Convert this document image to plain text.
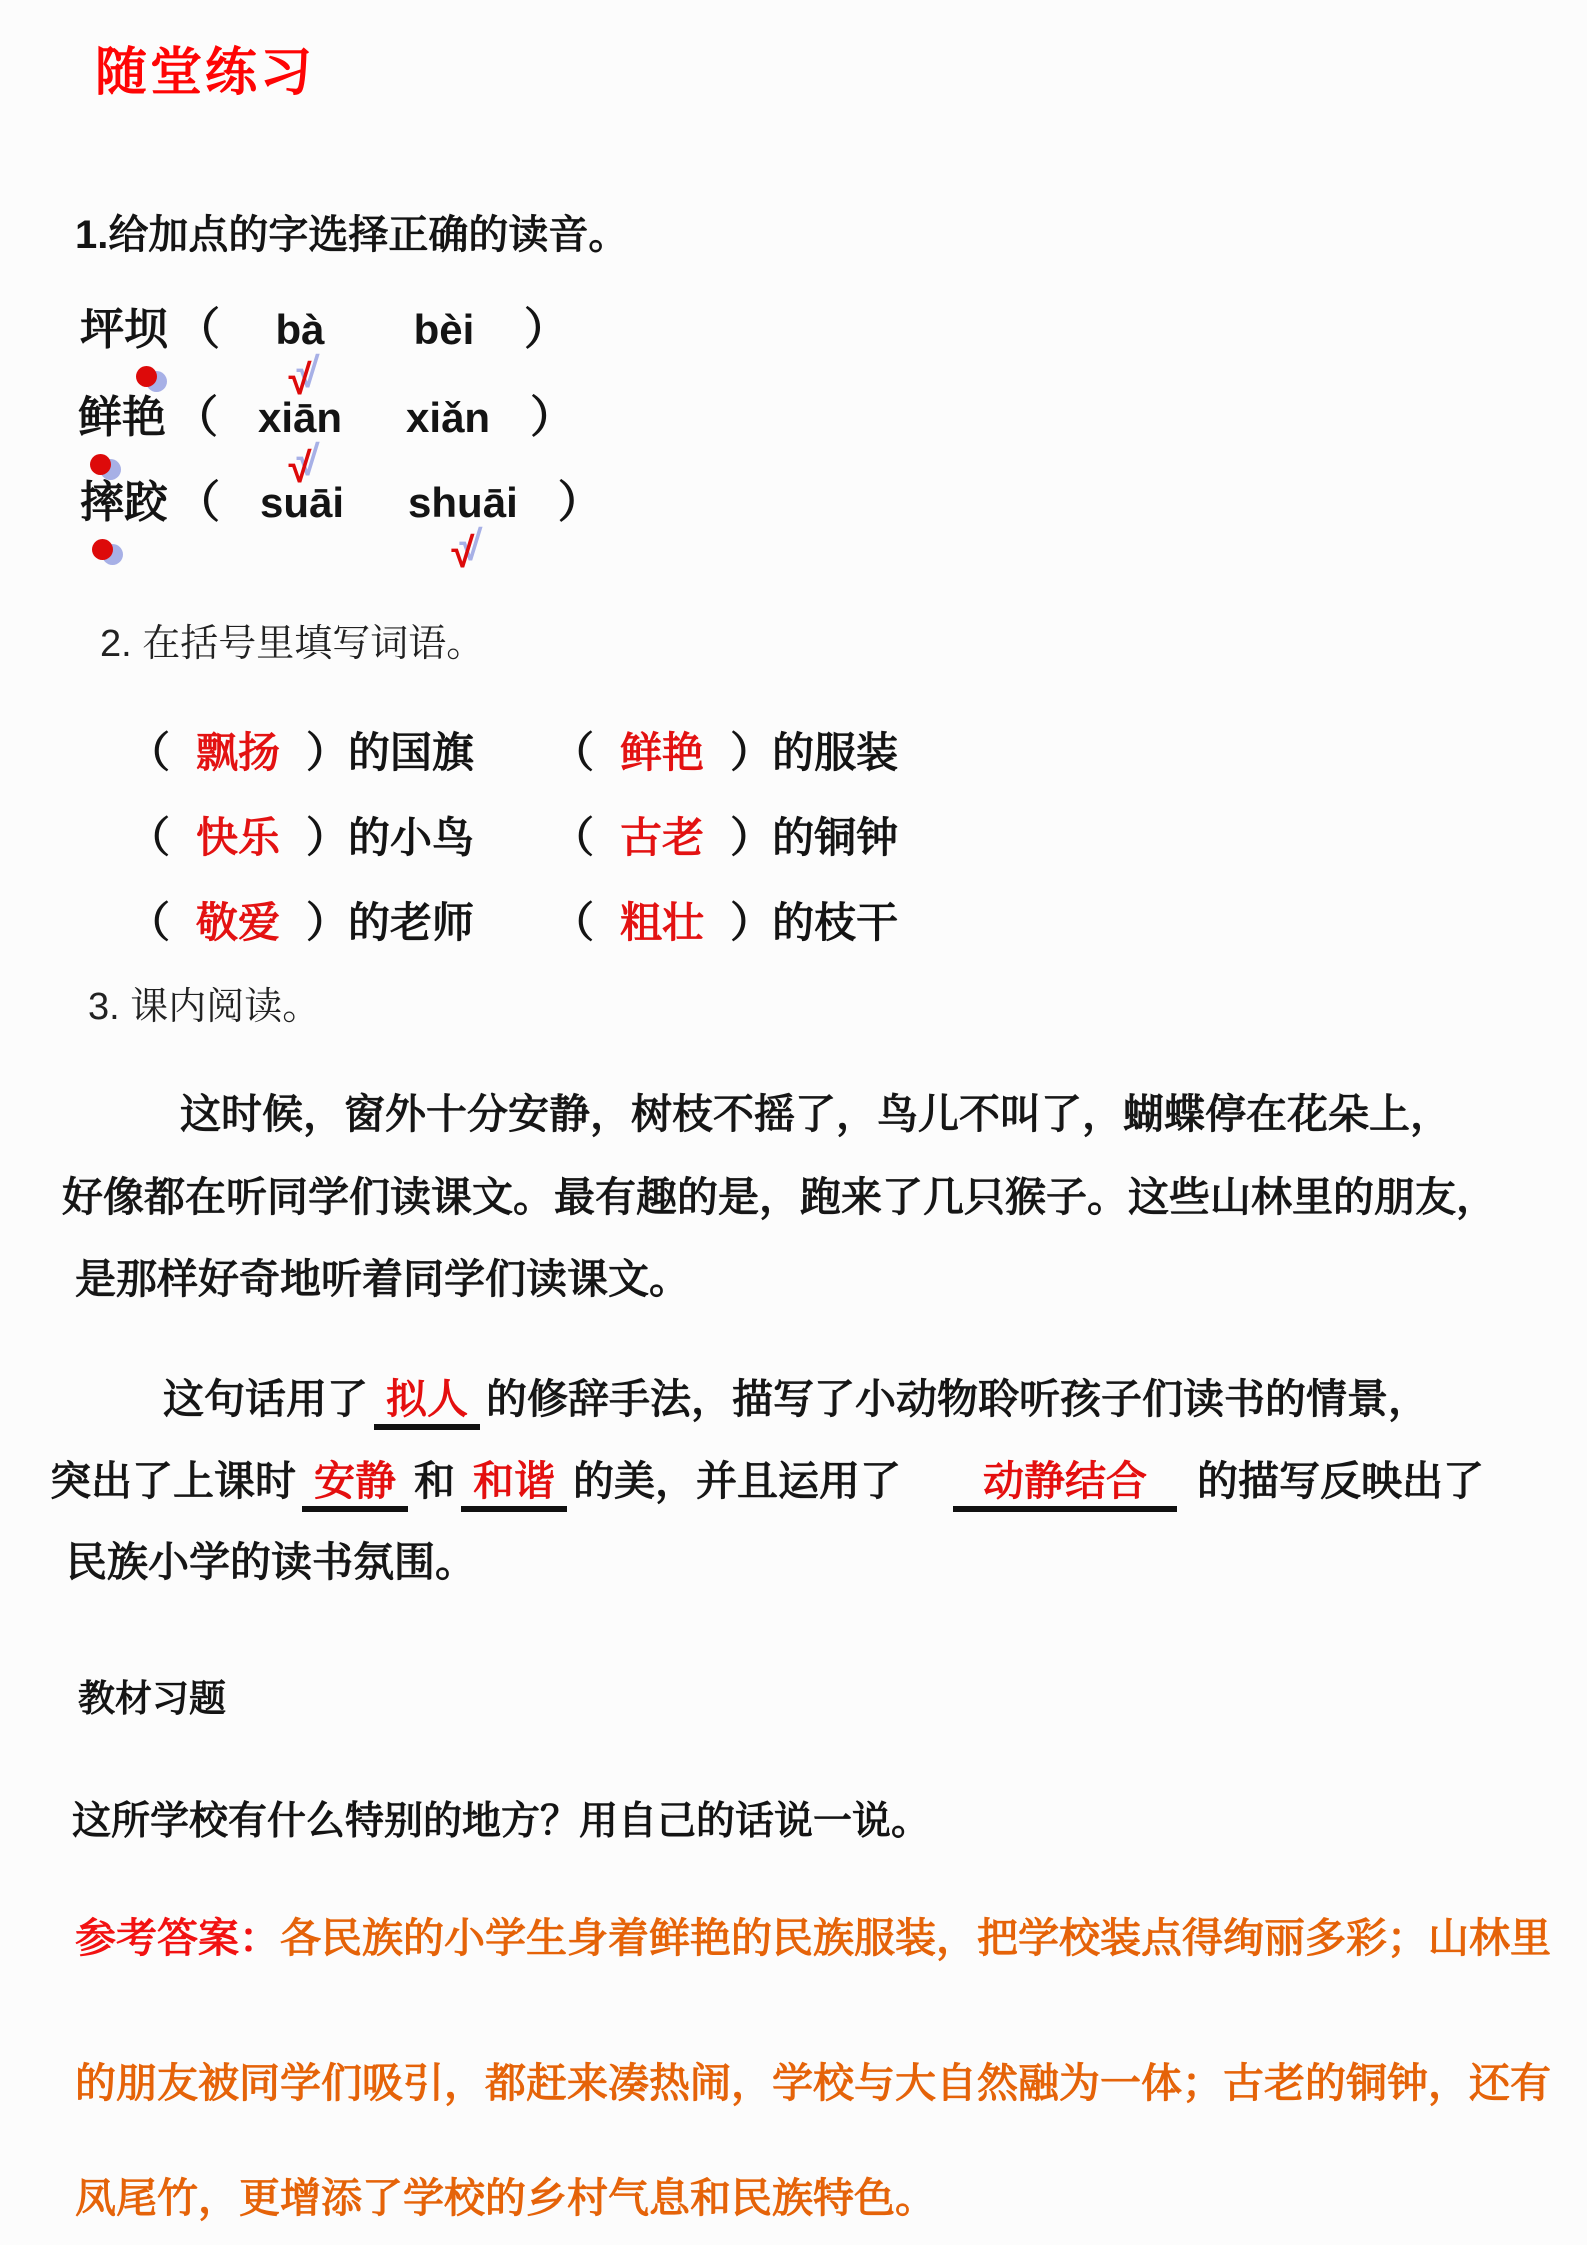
随堂练习
1.给加点的字选择正确的读音。
坪 坝 （ bà
√
bèi ）
鲜 艳 （ xiān
√
xiǎn ）
摔 跤 （ suāi shuāi
√
）
2. 在括号里填写词语。
（ 飘扬 ） 的国旗 （ 鲜艳 ） 的服装
（ 快乐 ） 的小鸟 （ 古老 ） 的铜钟
（ 敬爱 ） 的老师 （ 粗壮 ） 的枝干
3. 课内阅读。
这时候，窗外十分安静，树枝不摇了，鸟儿不叫了，蝴蝶停在花朵上，
好像都在听同学们读课文。最有趣的是，跑来了几只猴子。这些山林里的朋友，
是那样好奇地听着同学们读课文。
这句话用了 拟人 的修辞手法，描写了小动物聆听孩子们读书的情景，
突出了上课时 安静 和 和谐 的美，并且运用了 动静结合 的描写反映出了
民族小学的读书氛围。
教材习题
这所学校有什么特别的地方？用自己的话说一说。
参考答案：各民族的小学生身着鲜艳的民族服装，把学校装点得绚丽多彩；山林里
的朋友被同学们吸引，都赶来凑热闹，学校与大自然融为一体；古老的铜钟，还有
凤尾竹，更增添了学校的乡村气息和民族特色。
